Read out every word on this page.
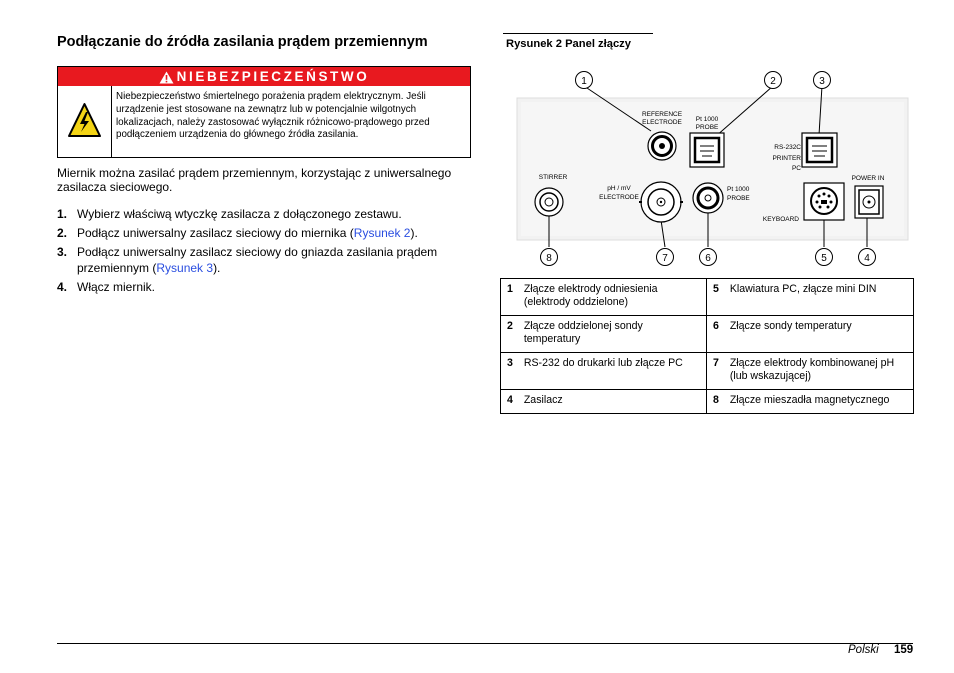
Podłączanie do źródła zasilania prądem przemiennym
NIEBEZPIECZEŃSTWO
Niebezpieczeństwo śmiertelnego porażenia prądem elektrycznym. Jeśli urządzenie jest stosowane na zewnątrz lub w potencjalnie wilgotnych lokalizacjach, należy zastosować wyłącznik różnicowo-prądowego przed podłączeniem urządzenia do głównego źródła zasilania.
Miernik można zasilać prądem przemiennym, korzystając z uniwersalnego zasilacza sieciowego.
1. Wybierz właściwą wtyczkę zasilacza z dołączonego zestawu.
2. Podłącz uniwersalny zasilacz sieciowy do miernika (Rysunek 2).
3. Podłącz uniwersalny zasilacz sieciowy do gniazda zasilania prądem przemiennym (Rysunek 3).
4. Włącz miernik.
Rysunek 2 Panel złączy
REFERENCE
ELECTRODE Pt 1000
PROBE
RS-232C
PRINTER
PC
STIRRER
pH / mV
ELECTRODE
Pt 1000
PROBE
POWER IN
KEYBOARD
1	2	3
8	7	6	5	4
1	Złącze elektrody odniesienia (elektrody oddzielone)	5	Klawiatura PC, złącze mini DIN
2	Złącze oddzielonej sondy temperatury	6	Złącze sondy temperatury
3	RS-232 do drukarki lub złącze PC	7	Złącze elektrody kombinowanej pH (lub wskazującej)
4	Zasilacz	8	Złącze mieszadła magnetycznego
Polski 159
